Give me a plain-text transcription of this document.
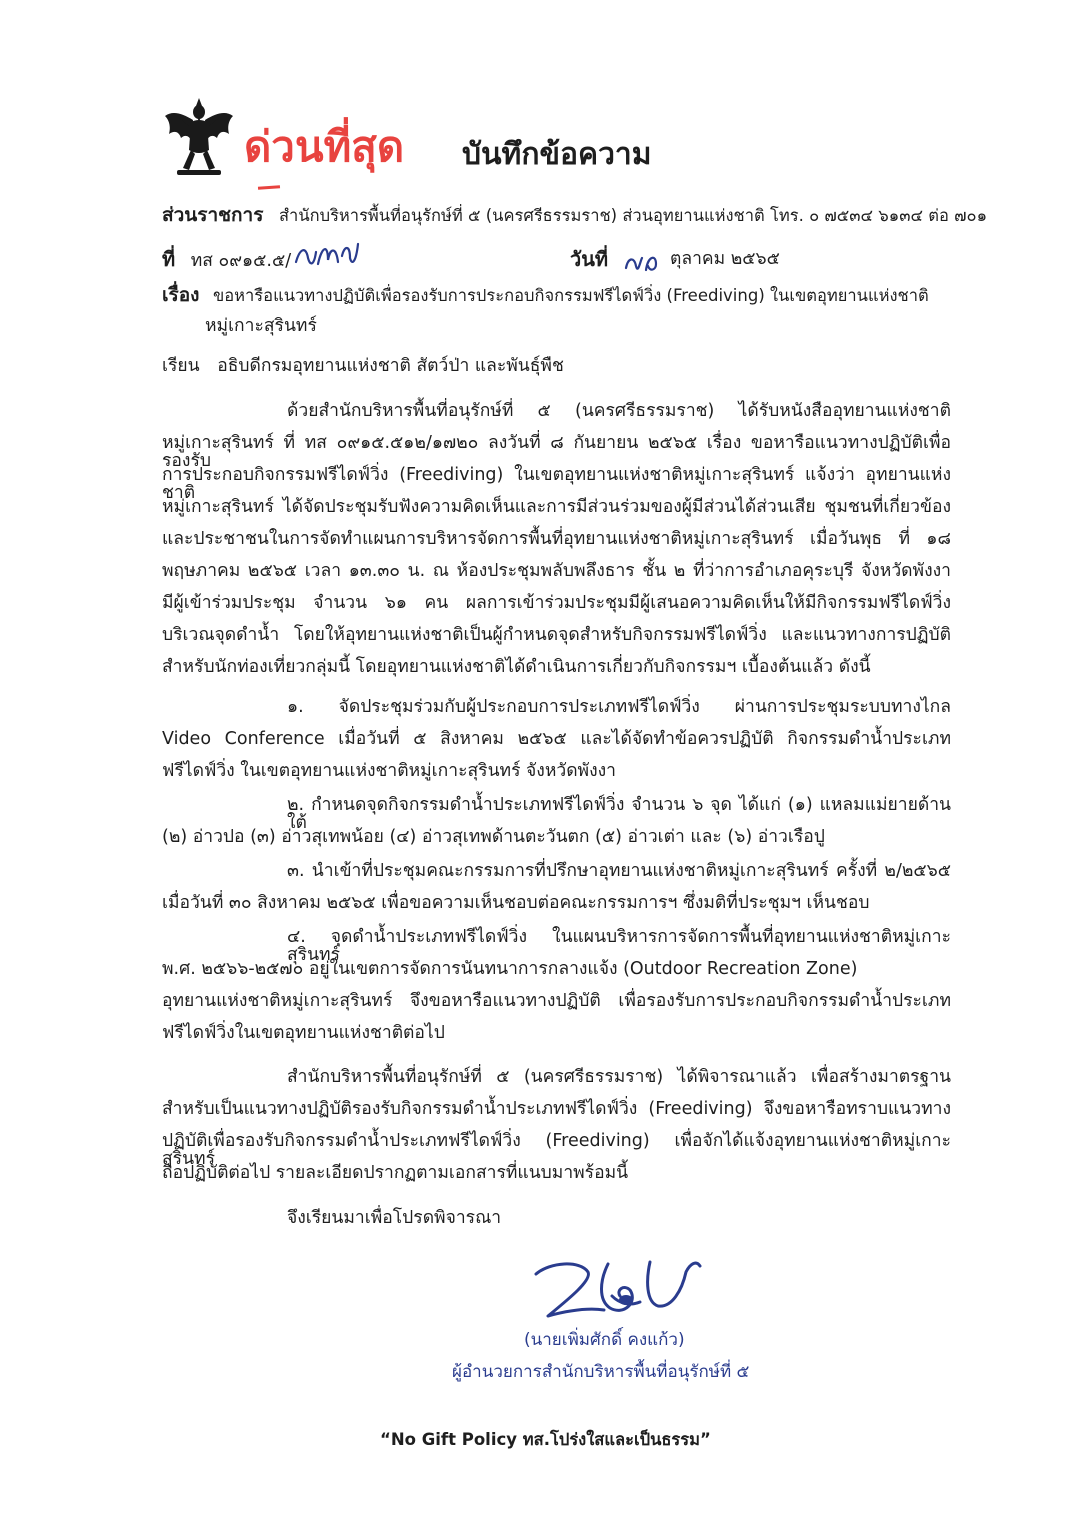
ด่วนที่สุด บันทึกข้อความ
ส่วนราชการ สำนักบริหารพื้นที่อนุรักษ์ที่ ๕ (นครศรีธรรมราช) ส่วนอุทยานแห่งชาติ โทร. ๐ ๗๕๓๔ ๖๑๓๔ ต่อ ๗๐๑
ที่ ทส ๐๙๑๕.๕/	วันที่	ตุลาคม ๒๕๖๕
เรื่อง ขอหารือแนวทางปฏิบัติเพื่อรองรับการประกอบกิจกรรมฟรีไดฟ์วิ่ง (Freediving) ในเขตอุทยานแห่งชาติ
หมู่เกาะสุรินทร์
เรียน อธิบดีกรมอุทยานแห่งชาติ สัตว์ป่า และพันธุ์พืช
ด้วยสำนักบริหารพื้นที่อนุรักษ์ที่ ๕ (นครศรีธรรมราช) ได้รับหนังสืออุทยานแห่งชาติ
หมู่เกาะสุรินทร์ ที่ ทส ๐๙๑๕.๕๑๒/๑๗๒๐ ลงวันที่ ๘ กันยายน ๒๕๖๕ เรื่อง ขอหารือแนวทางปฏิบัติเพื่อรองรับ
การประกอบกิจกรรมฟรีไดฟ์วิ่ง (Freediving) ในเขตอุทยานแห่งชาติหมู่เกาะสุรินทร์ แจ้งว่า อุทยานแห่งชาติ
หมู่เกาะสุรินทร์ ได้จัดประชุมรับฟังความคิดเห็นและการมีส่วนร่วมของผู้มีส่วนได้ส่วนเสีย ชุมชนที่เกี่ยวข้อง
และประชาชนในการจัดทำแผนการบริหารจัดการพื้นที่อุทยานแห่งชาติหมู่เกาะสุรินทร์ เมื่อวันพุธ ที่ ๑๘
พฤษภาคม ๒๕๖๕ เวลา ๑๓.๓๐ น. ณ ห้องประชุมพลับพลึงธาร ชั้น ๒ ที่ว่าการอำเภอคุระบุรี จังหวัดพังงา
มีผู้เข้าร่วมประชุม จำนวน ๖๑ คน ผลการเข้าร่วมประชุมมีผู้เสนอความคิดเห็นให้มีกิจกรรมฟรีไดฟ์วิ่ง
บริเวณจุดดำน้ำ โดยให้อุทยานแห่งชาติเป็นผู้กำหนดจุดสำหรับกิจกรรมฟรีไดฟ์วิ่ง และแนวทางการปฏิบัติ
สำหรับนักท่องเที่ยวกลุ่มนี้ โดยอุทยานแห่งชาติได้ดำเนินการเกี่ยวกับกิจกรรมฯ เบื้องต้นแล้ว ดังนี้
๑. จัดประชุมร่วมกับผู้ประกอบการประเภทฟรีไดฟ์วิ่ง ผ่านการประชุมระบบทางไกล
Video Conference เมื่อวันที่ ๕ สิงหาคม ๒๕๖๕ และได้จัดทำข้อควรปฏิบัติ กิจกรรมดำน้ำประเภท
ฟรีไดฟ์วิ่ง ในเขตอุทยานแห่งชาติหมู่เกาะสุรินทร์ จังหวัดพังงา
๒. กำหนดจุดกิจกรรมดำน้ำประเภทฟรีไดฟ์วิ่ง จำนวน ๖ จุด ได้แก่ (๑) แหลมแม่ยายด้านใต้
(๒) อ่าวปอ (๓) อ่าวสุเทพน้อย (๔) อ่าวสุเทพด้านตะวันตก (๕) อ่าวเต่า และ (๖) อ่าวเรือปู
๓. นำเข้าที่ประชุมคณะกรรมการที่ปรึกษาอุทยานแห่งชาติหมู่เกาะสุรินทร์ ครั้งที่ ๒/๒๕๖๕
เมื่อวันที่ ๓๐ สิงหาคม ๒๕๖๕ เพื่อขอความเห็นชอบต่อคณะกรรมการฯ ซึ่งมติที่ประชุมฯ เห็นชอบ
๔. จุดดำน้ำประเภทฟรีไดฟ์วิ่ง ในแผนบริหารการจัดการพื้นที่อุทยานแห่งชาติหมู่เกาะสุรินทร์
พ.ศ. ๒๕๖๖-๒๕๗๐ อยู่ในเขตการจัดการนันทนาการกลางแจ้ง (Outdoor Recreation Zone)
อุทยานแห่งชาติหมู่เกาะสุรินทร์ จึงขอหารือแนวทางปฏิบัติ เพื่อรองรับการประกอบกิจกรรมดำน้ำประเภท
ฟรีไดฟ์วิ่งในเขตอุทยานแห่งชาติต่อไป
สำนักบริหารพื้นที่อนุรักษ์ที่ ๕ (นครศรีธรรมราช) ได้พิจารณาแล้ว เพื่อสร้างมาตรฐาน
สำหรับเป็นแนวทางปฏิบัติรองรับกิจกรรมดำน้ำประเภทฟรีไดฟ์วิ่ง (Freediving) จึงขอหารือทราบแนวทาง
ปฏิบัติเพื่อรองรับกิจกรรมดำน้ำประเภทฟรีไดฟ์วิ่ง (Freediving) เพื่อจักได้แจ้งอุทยานแห่งชาติหมู่เกาะสุรินทร์
ถือปฏิบัติต่อไป รายละเอียดปรากฏตามเอกสารที่แนบมาพร้อมนี้
จึงเรียนมาเพื่อโปรดพิจารณา
(นายเพิ่มศักดิ์ คงแก้ว)
ผู้อำนวยการสำนักบริหารพื้นที่อนุรักษ์ที่ ๕
“No Gift Policy ทส.โปร่งใสและเป็นธรรม”
